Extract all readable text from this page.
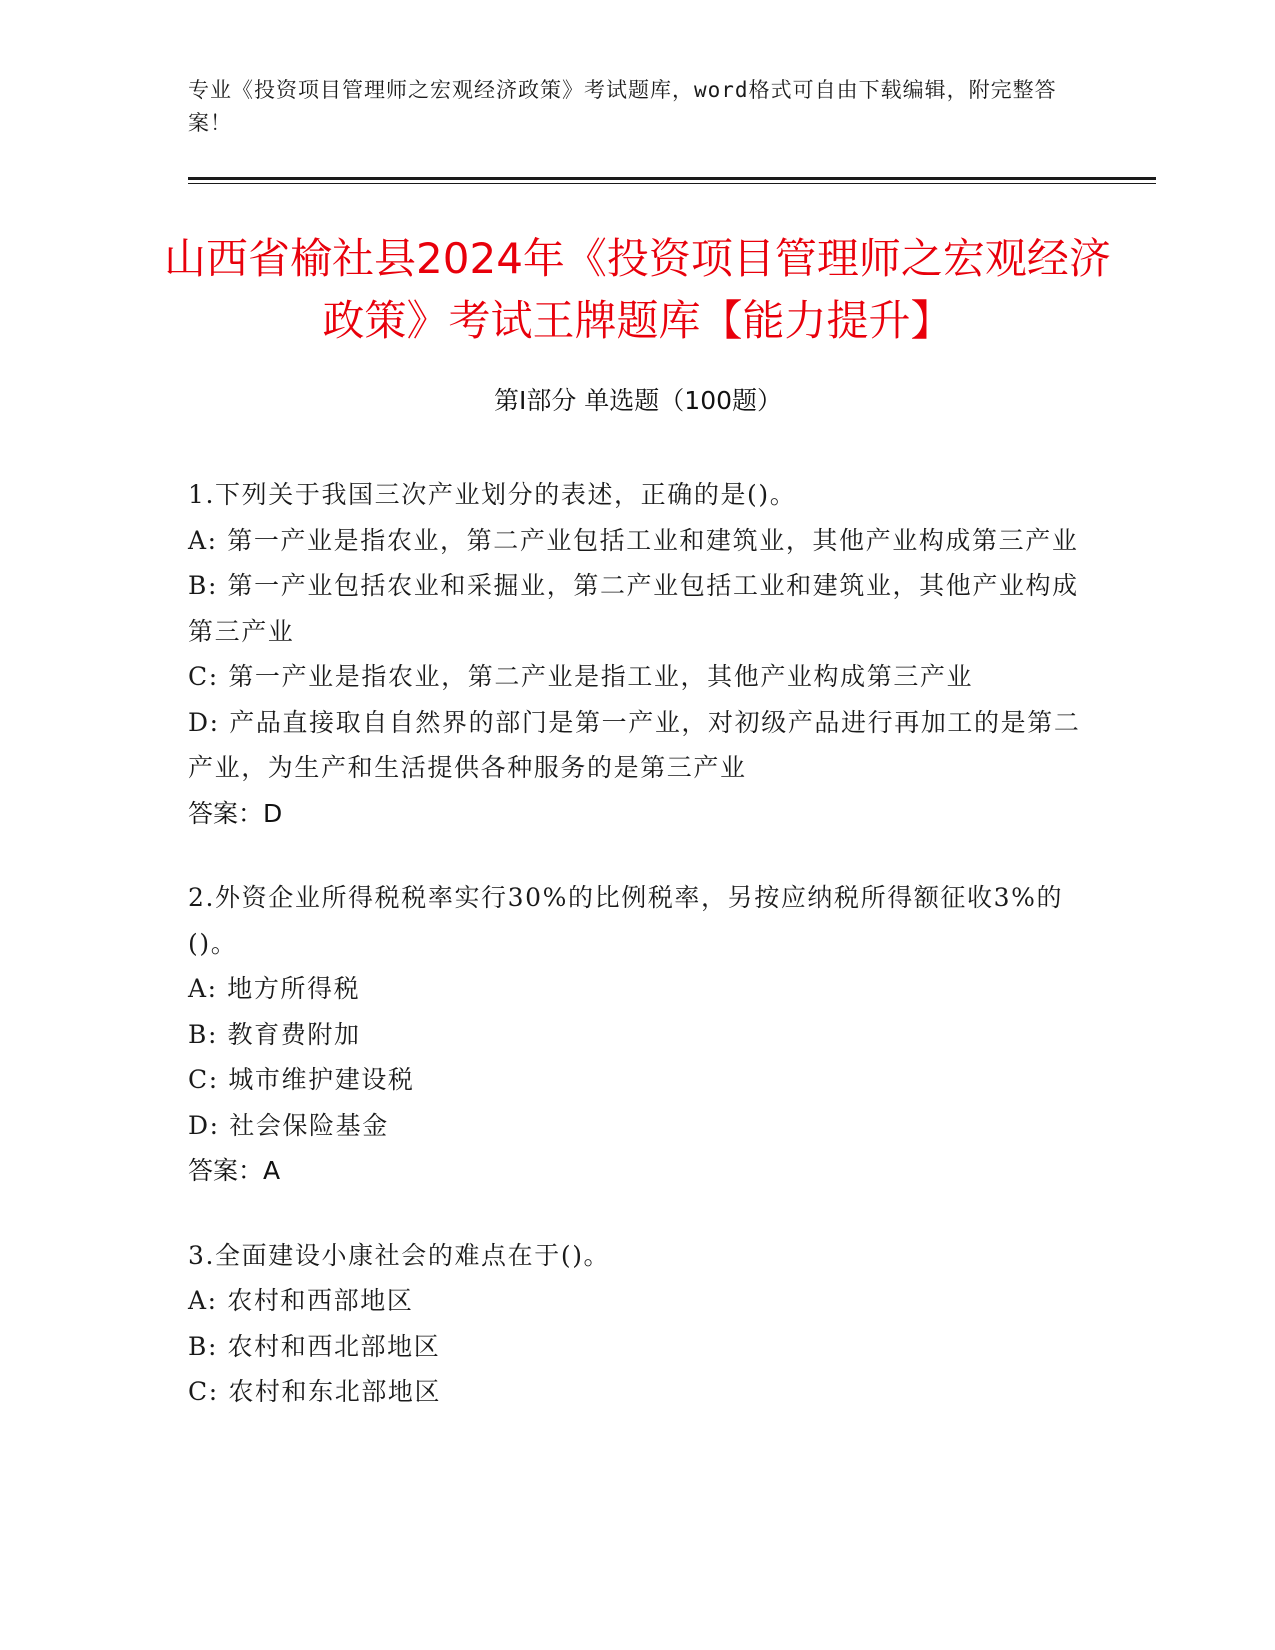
专业《投资项目管理师之宏观经济政策》考试题库，word格式可自由下载编辑，附完整答案！
山西省榆社县2024年《投资项目管理师之宏观经济政策》考试王牌题库【能力提升】
第Ⅰ部分 单选题（100题）

1.下列关于我国三次产业划分的表述，正确的是()。

A: 第一产业是指农业，第二产业包括工业和建筑业，其他产业构成第三产业

B: 第一产业包括农业和采掘业，第二产业包括工业和建筑业，其他产业构成第三产业

C: 第一产业是指农业，第二产业是指工业，其他产业构成第三产业

D: 产品直接取自自然界的部门是第一产业，对初级产品进行再加工的是第二产业，为生产和生活提供各种服务的是第三产业

答案：D

2.外资企业所得税税率实行30%的比例税率，另按应纳税所得额征收3%的()。

A: 地方所得税

B: 教育费附加

C: 城市维护建设税

D: 社会保险基金

答案：A

3.全面建设小康社会的难点在于()。

A: 农村和西部地区

B: 农村和西北部地区

C: 农村和东北部地区
